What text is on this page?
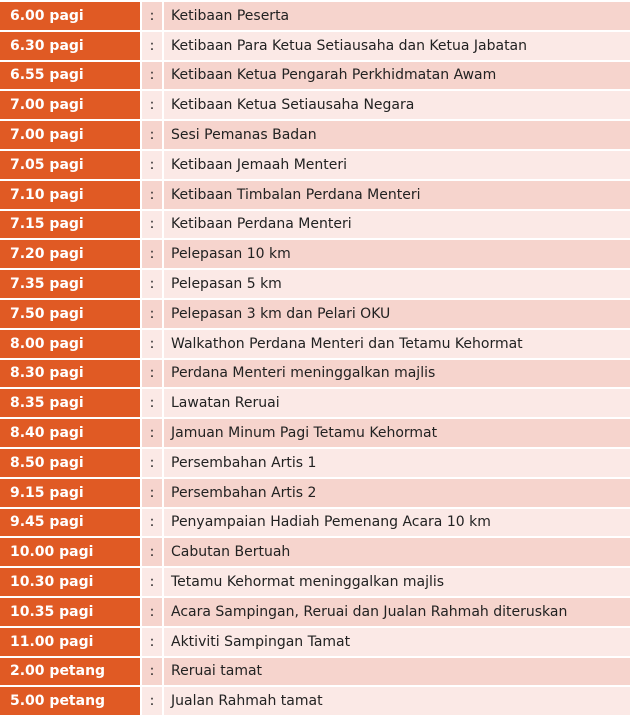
6.00 pagi	:	Ketibaan Peserta
6.30 pagi	:	Ketibaan Para Ketua Setiausaha dan Ketua Jabatan
6.55 pagi	:	Ketibaan Ketua Pengarah Perkhidmatan Awam
7.00 pagi	:	Ketibaan Ketua Setiausaha Negara
7.00 pagi	:	Sesi Pemanas Badan
7.05 pagi	:	Ketibaan Jemaah Menteri
7.10 pagi	:	Ketibaan Timbalan Perdana Menteri
7.15 pagi	:	Ketibaan Perdana Menteri
7.20 pagi	:	Pelepasan 10 km
7.35 pagi	:	Pelepasan 5 km
7.50 pagi	:	Pelepasan 3 km dan Pelari OKU
8.00 pagi	:	Walkathon Perdana Menteri dan Tetamu Kehormat
8.30 pagi	:	Perdana Menteri meninggalkan majlis
8.35 pagi	:	Lawatan Reruai
8.40 pagi	:	Jamuan Minum Pagi Tetamu Kehormat
8.50 pagi	:	Persembahan Artis 1
9.15 pagi	:	Persembahan Artis 2
9.45 pagi	:	Penyampaian Hadiah Pemenang Acara 10 km
10.00 pagi	:	Cabutan Bertuah
10.30 pagi	:	Tetamu Kehormat meninggalkan majlis
10.35 pagi	:	Acara Sampingan, Reruai dan Jualan Rahmah diteruskan
11.00 pagi	:	Aktiviti Sampingan Tamat
2.00 petang	:	Reruai tamat
5.00 petang	:	Jualan Rahmah tamat
